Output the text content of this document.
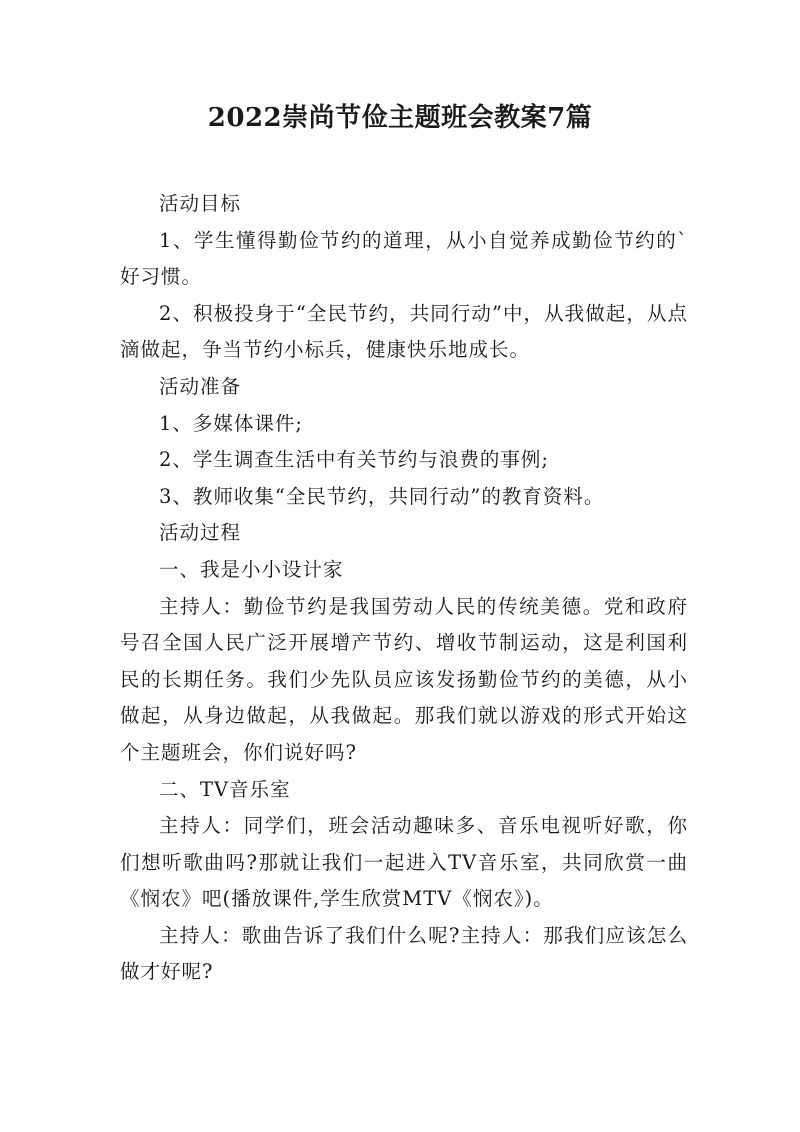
2022崇尚节俭主题班会教案7篇

活动目标

1、学生懂得勤俭节约的道理，从小自觉养成勤俭节约的`好习惯。

2、积极投身于“全民节约，共同行动”中，从我做起，从点滴做起，争当节约小标兵，健康快乐地成长。

活动准备

1、多媒体课件;

2、学生调查生活中有关节约与浪费的事例;

3、教师收集“全民节约，共同行动”的教育资料。

活动过程

一、我是小小设计家

主持人：勤俭节约是我国劳动人民的传统美德。党和政府号召全国人民广泛开展增产节约、增收节制运动，这是利国利民的长期任务。我们少先队员应该发扬勤俭节约的美德，从小做起，从身边做起，从我做起。那我们就以游戏的形式开始这个主题班会，你们说好吗?

二、TV音乐室

主持人：同学们，班会活动趣味多、音乐电视听好歌，你们想听歌曲吗?那就让我们一起进入TV音乐室，共同欣赏一曲《悯农》吧(播放课件,学生欣赏MTV《悯农》)。

主持人：歌曲告诉了我们什么呢?主持人：那我们应该怎么做才好呢?
